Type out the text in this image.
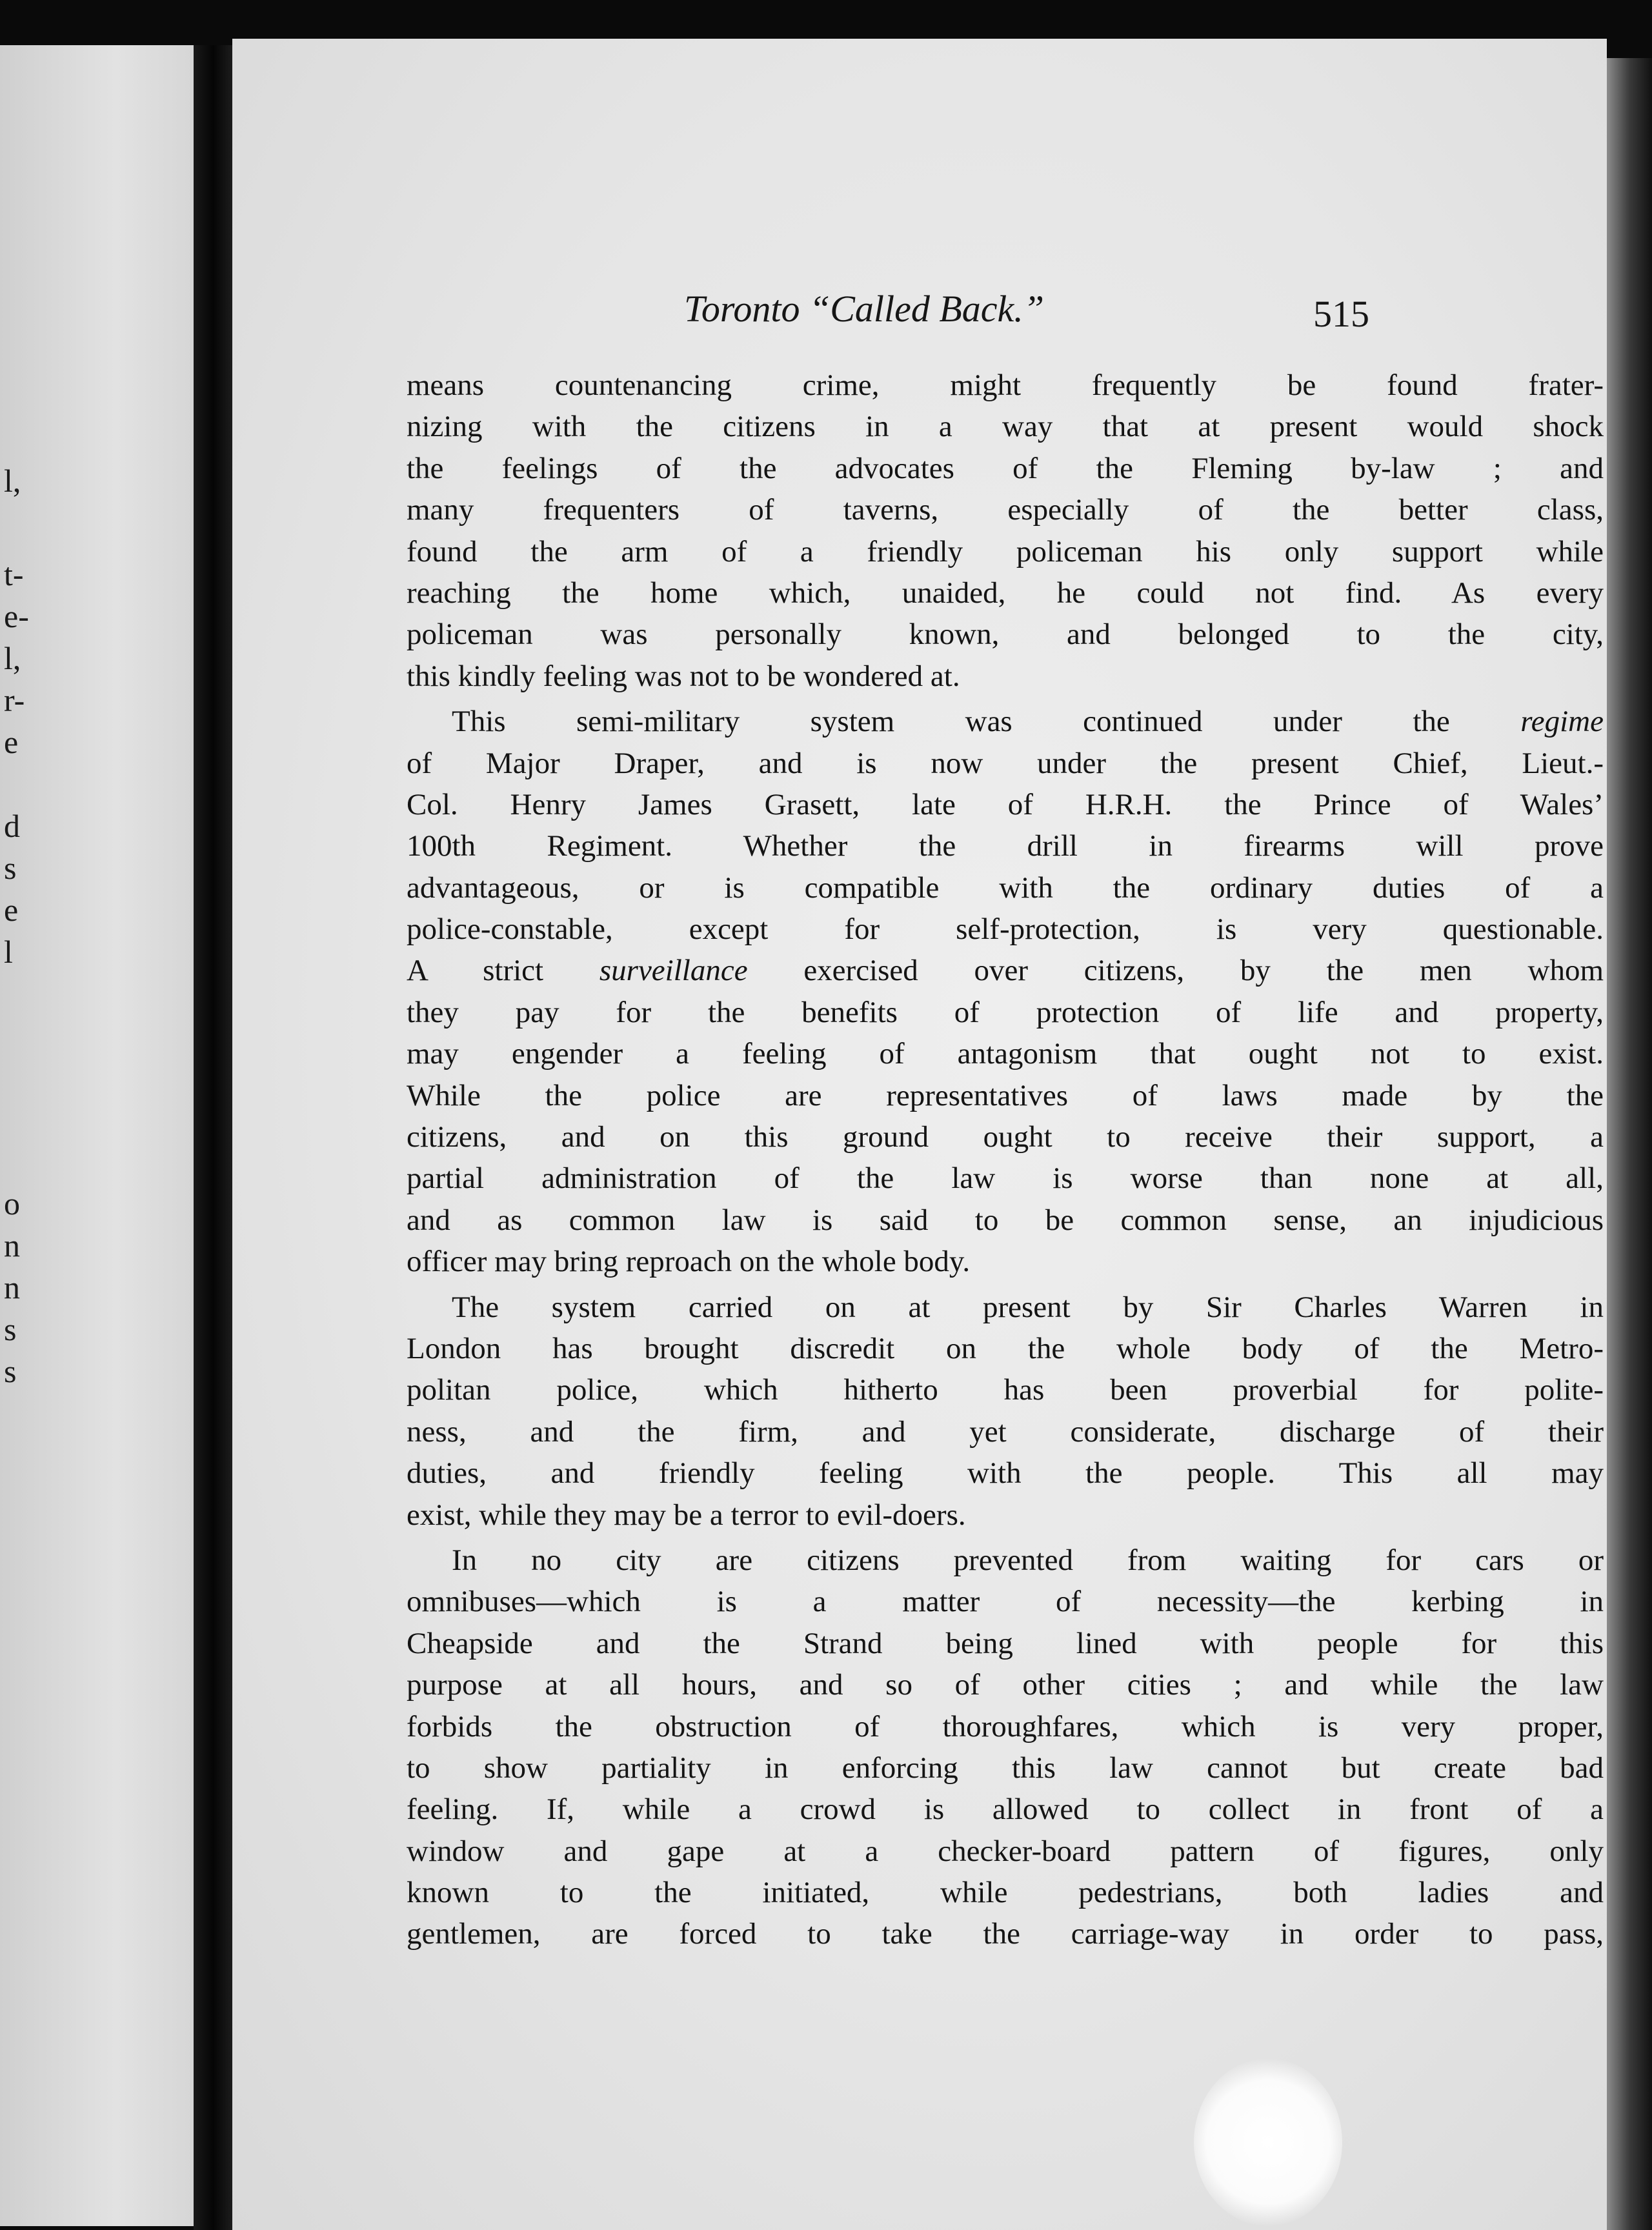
l,
t-
e-
l,
r-
e
d
s
e
l
o
n
n
s
s
Toronto “Called Back.”	515
means countenancing crime, might frequently be found frater-
nizing with the citizens in a way that at present would shock
the feelings of the advocates of the Fleming by-law ; and
many frequenters of taverns, especially of the better class,
found the arm of a friendly policeman his only support while
reaching the home which, unaided, he could not find. As every
policeman was personally known, and belonged to the city,
this kindly feeling was not to be wondered at.
This semi-military system was continued under the regime
of Major Draper, and is now under the present Chief, Lieut.-
Col. Henry James Grasett, late of H.R.H. the Prince of Wales’
100th Regiment. Whether the drill in firearms will prove
advantageous, or is compatible with the ordinary duties of a
police-constable, except for self-protection, is very questionable.
A strict surveillance exercised over citizens, by the men whom
they pay for the benefits of protection of life and property,
may engender a feeling of antagonism that ought not to exist.
While the police are representatives of laws made by the
citizens, and on this ground ought to receive their support, a
partial administration of the law is worse than none at all,
and as common law is said to be common sense, an injudicious
officer may bring reproach on the whole body.
The system carried on at present by Sir Charles Warren in
London has brought discredit on the whole body of the Metro-
politan police, which hitherto has been proverbial for polite-
ness, and the firm, and yet considerate, discharge of their
duties, and friendly feeling with the people. This all may
exist, while they may be a terror to evil-doers.
In no city are citizens prevented from waiting for cars or
omnibuses—which is a matter of necessity—the kerbing in
Cheapside and the Strand being lined with people for this
purpose at all hours, and so of other cities ; and while the law
forbids the obstruction of thoroughfares, which is very proper,
to show partiality in enforcing this law cannot but create bad
feeling. If, while a crowd is allowed to collect in front of a
window and gape at a checker-board pattern of figures, only
known to the initiated, while pedestrians, both ladies and
gentlemen, are forced to take the carriage-way in order to pass,
